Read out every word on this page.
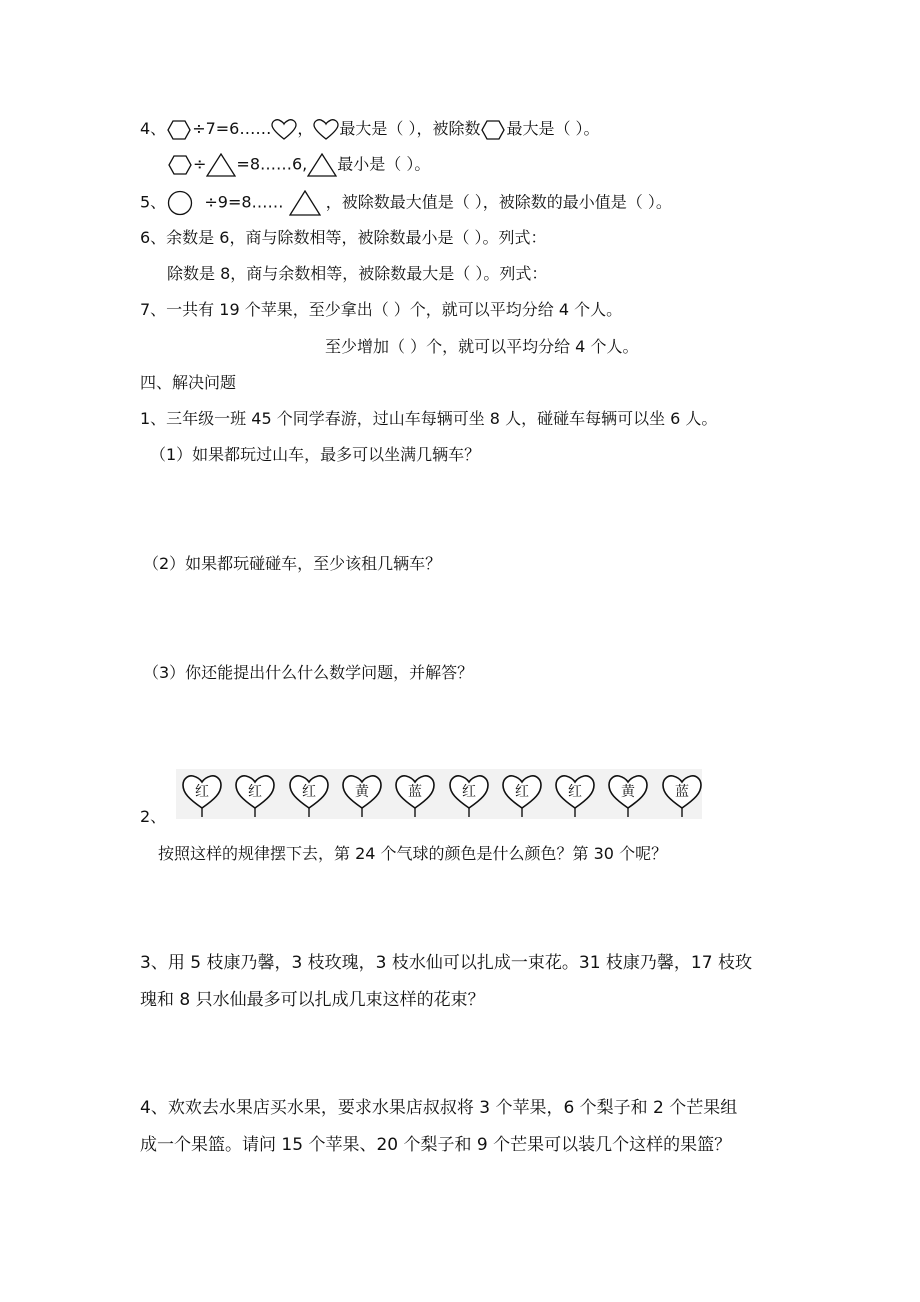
4、 ÷7=6…… ， 最大是（ ），被除数 最大是（ ）。
÷ =8……6, 最小是（ ）。
5、 ÷9=8……	，被除数最大值是（ ），被除数的最小值是（ ）。
6、余数是 6，商与除数相等，被除数最小是（ ）。列式：
除数是 8，商与余数相等，被除数最大是（ ）。列式：
7、一共有 19 个苹果，至少拿出（ ）个，就可以平均分给 4 个人。
至少增加（ ）个，就可以平均分给 4 个人。
四、解决问题
1、三年级一班 45 个同学春游，过山车每辆可坐 8 人，碰碰车每辆可以坐 6 人。
（1）如果都玩过山车，最多可以坐满几辆车？
（2）如果都玩碰碰车，至少该租几辆车？
（3）你还能提出什么什么数学问题，并解答？
红	红	红	黄	蓝	红	红	红	黄	蓝
2、
按照这样的规律摆下去，第 24 个气球的颜色是什么颜色？第 30 个呢？
3、用 5 枝康乃馨，3 枝玫瑰，3 枝水仙可以扎成一束花。31 枝康乃馨，17 枝玫
瑰和 8 只水仙最多可以扎成几束这样的花束？
4、欢欢去水果店买水果，要求水果店叔叔将 3 个苹果，6 个梨子和 2 个芒果组
成一个果篮。请问 15 个苹果、20 个梨子和 9 个芒果可以装几个这样的果篮？
